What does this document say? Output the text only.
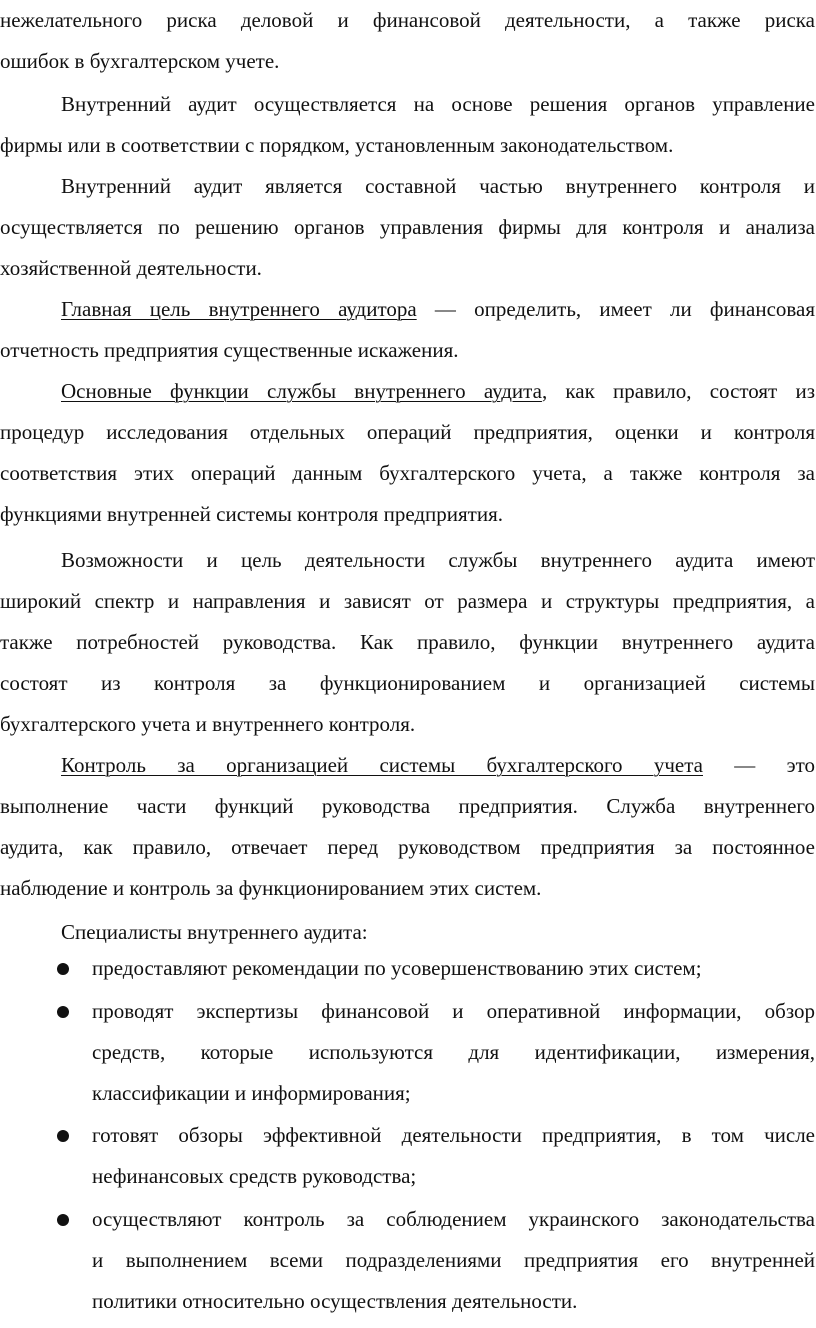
нежелательного риска деловой и финансовой деятельности, а также риска
ошибок в бухгалтерском учете.
Внутренний аудит осуществляется на основе решения органов управление
фирмы или в соответствии с порядком, установленным законодательством.
Внутренний аудит является составной частью внутреннего контроля и
осуществляется по решению органов управления фирмы для контроля и анализа
хозяйственной деятельности.
Главная цель внутреннего аудитора — определить, имеет ли финансовая
отчетность предприятия существенные искажения.
Основные функции службы внутреннего аудита, как правило, состоят из
процедур исследования отдельных операций предприятия, оценки и контроля
соответствия этих операций данным бухгалтерского учета, а также контроля за
функциями внутренней системы контроля предприятия.
Возможности и цель деятельности службы внутреннего аудита имеют
широкий спектр и направления и зависят от размера и структуры предприятия, а
также потребностей руководства. Как правило, функции внутреннего аудита
состоят из контроля за функционированием и организацией системы
бухгалтерского учета и внутреннего контроля.
Контроль за организацией системы бухгалтерского учета — это
выполнение части функций руководства предприятия. Служба внутреннего
аудита, как правило, отвечает перед руководством предприятия за постоянное
наблюдение и контроль за функционированием этих систем.
Специалисты внутреннего аудита:
предоставляют рекомендации по усовершенствованию этих систем;
проводят экспертизы финансовой и оперативной информации, обзор
средств, которые используются для идентификации, измерения,
классификации и информирования;
готовят обзоры эффективной деятельности предприятия, в том числе
нефинансовых средств руководства;
осуществляют контроль за соблюдением украинского законодательства
и выполнением всеми подразделениями предприятия его внутренней
политики относительно осуществления деятельности.
